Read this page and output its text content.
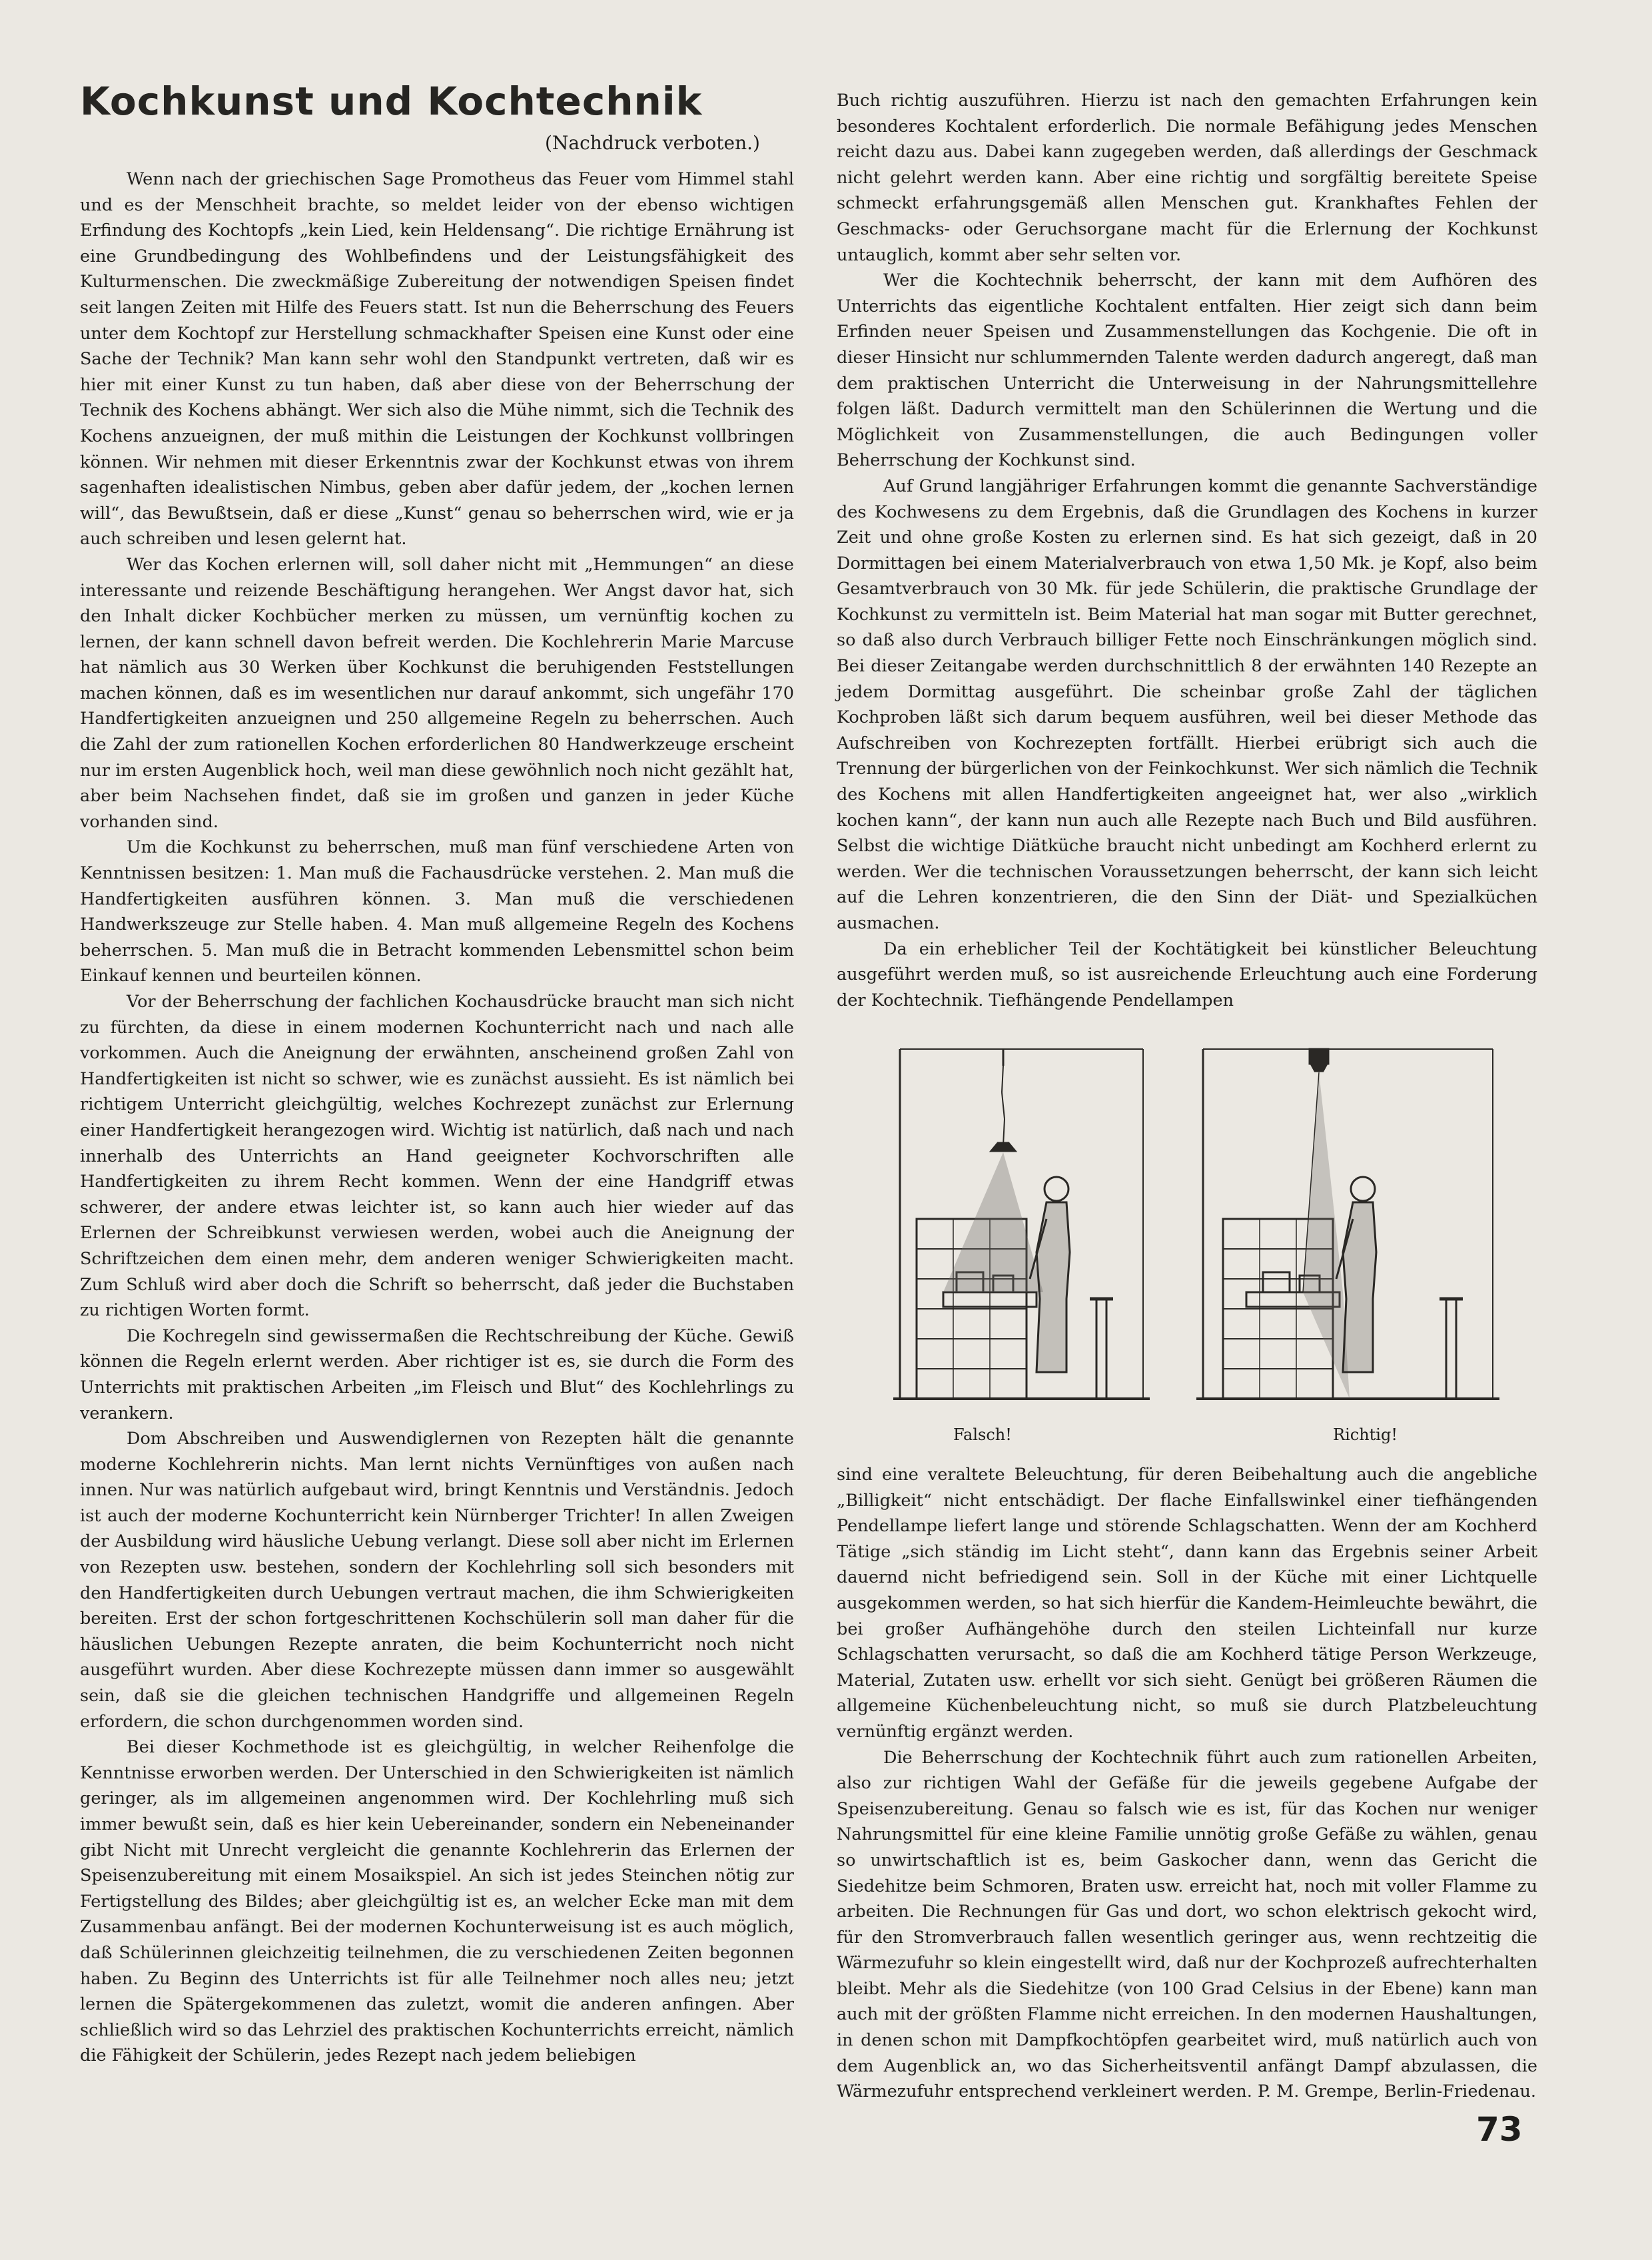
Kochkunst und Kochtechnik

(Nachdruck verboten.)

Wenn nach der griechischen Sage Promotheus das Feuer vom Himmel stahl und es der Menschheit brachte, so meldet leider von der ebenso wichtigen Erfindung des Kochtopfs „kein Lied, kein Heldensang“. Die richtige Ernährung ist eine Grundbedingung des Wohlbefindens und der Leistungsfähigkeit des Kulturmenschen. Die zweckmäßige Zubereitung der notwendigen Speisen findet seit langen Zeiten mit Hilfe des Feuers statt. Ist nun die Beherrschung des Feuers unter dem Kochtopf zur Herstellung schmackhafter Speisen eine Kunst oder eine Sache der Technik? Man kann sehr wohl den Standpunkt vertreten, daß wir es hier mit einer Kunst zu tun haben, daß aber diese von der Beherrschung der Technik des Kochens abhängt. Wer sich also die Mühe nimmt, sich die Technik des Kochens anzueignen, der muß mithin die Leistungen der Kochkunst vollbringen können. Wir nehmen mit dieser Erkenntnis zwar der Kochkunst etwas von ihrem sagenhaften idealistischen Nimbus, geben aber dafür jedem, der „kochen lernen will“, das Bewußtsein, daß er diese „Kunst“ genau so beherrschen wird, wie er ja auch schreiben und lesen gelernt hat.

Wer das Kochen erlernen will, soll daher nicht mit „Hemmungen“ an diese interessante und reizende Beschäftigung herangehen. Wer Angst davor hat, sich den Inhalt dicker Kochbücher merken zu müssen, um vernünftig kochen zu lernen, der kann schnell davon befreit werden. Die Kochlehrerin Marie Marcuse hat nämlich aus 30 Werken über Kochkunst die beruhigenden Feststellungen machen können, daß es im wesentlichen nur darauf ankommt, sich ungefähr 170 Handfertigkeiten anzueignen und 250 allgemeine Regeln zu beherrschen. Auch die Zahl der zum rationellen Kochen erforderlichen 80 Handwerkzeuge erscheint nur im ersten Augenblick hoch, weil man diese gewöhnlich noch nicht gezählt hat, aber beim Nachsehen findet, daß sie im großen und ganzen in jeder Küche vorhanden sind.

Um die Kochkunst zu beherrschen, muß man fünf verschiedene Arten von Kenntnissen besitzen: 1. Man muß die Fachausdrücke verstehen. 2. Man muß die Handfertigkeiten ausführen können. 3. Man muß die verschiedenen Handwerkszeuge zur Stelle haben. 4. Man muß allgemeine Regeln des Kochens beherrschen. 5. Man muß die in Betracht kommenden Lebensmittel schon beim Einkauf kennen und beurteilen können.

Vor der Beherrschung der fachlichen Kochausdrücke braucht man sich nicht zu fürchten, da diese in einem modernen Kochunterricht nach und nach alle vorkommen. Auch die Aneignung der erwähnten, anscheinend großen Zahl von Handfertigkeiten ist nicht so schwer, wie es zunächst aussieht. Es ist nämlich bei richtigem Unterricht gleichgültig, welches Kochrezept zunächst zur Erlernung einer Handfertigkeit herangezogen wird. Wichtig ist natürlich, daß nach und nach innerhalb des Unterrichts an Hand geeigneter Kochvorschriften alle Handfertigkeiten zu ihrem Recht kommen. Wenn der eine Handgriff etwas schwerer, der andere etwas leichter ist, so kann auch hier wieder auf das Erlernen der Schreibkunst verwiesen werden, wobei auch die Aneignung der Schriftzeichen dem einen mehr, dem anderen weniger Schwierigkeiten macht. Zum Schluß wird aber doch die Schrift so beherrscht, daß jeder die Buchstaben zu richtigen Worten formt.

Die Kochregeln sind gewissermaßen die Rechtschreibung der Küche. Gewiß können die Regeln erlernt werden. Aber richtiger ist es, sie durch die Form des Unterrichts mit praktischen Arbeiten „im Fleisch und Blut“ des Kochlehrlings zu verankern.

Dom Abschreiben und Auswendiglernen von Rezepten hält die genannte moderne Kochlehrerin nichts. Man lernt nichts Vernünftiges von außen nach innen. Nur was natürlich aufgebaut wird, bringt Kenntnis und Verständnis. Jedoch ist auch der moderne Kochunterricht kein Nürnberger Trichter! In allen Zweigen der Ausbildung wird häusliche Uebung verlangt. Diese soll aber nicht im Erlernen von Rezepten usw. bestehen, sondern der Kochlehrling soll sich besonders mit den Handfertigkeiten durch Uebungen vertraut machen, die ihm Schwierigkeiten bereiten. Erst der schon fortgeschrittenen Kochschülerin soll man daher für die häuslichen Uebungen Rezepte anraten, die beim Kochunterricht noch nicht ausgeführt wurden. Aber diese Kochrezepte müssen dann immer so ausgewählt sein, daß sie die gleichen technischen Handgriffe und allgemeinen Regeln erfordern, die schon durchgenommen worden sind.

Bei dieser Kochmethode ist es gleichgültig, in welcher Reihenfolge die Kenntnisse erworben werden. Der Unterschied in den Schwierigkeiten ist nämlich geringer, als im allgemeinen angenommen wird. Der Kochlehrling muß sich immer bewußt sein, daß es hier kein Uebereinander, sondern ein Nebeneinander gibt Nicht mit Unrecht vergleicht die genannte Kochlehrerin das Erlernen der Speisenzubereitung mit einem Mosaikspiel. An sich ist jedes Steinchen nötig zur Fertigstellung des Bildes; aber gleichgültig ist es, an welcher Ecke man mit dem Zusammenbau anfängt. Bei der modernen Kochunterweisung ist es auch möglich, daß Schülerinnen gleichzeitig teilnehmen, die zu verschiedenen Zeiten begonnen haben. Zu Beginn des Unterrichts ist für alle Teilnehmer noch alles neu; jetzt lernen die Spätergekommenen das zuletzt, womit die anderen anfingen. Aber schließlich wird so das Lehrziel des praktischen Kochunterrichts erreicht, nämlich die Fähigkeit der Schülerin, jedes Rezept nach jedem beliebigen

Buch richtig auszuführen. Hierzu ist nach den gemachten Erfahrungen kein besonderes Kochtalent erforderlich. Die normale Befähigung jedes Menschen reicht dazu aus. Dabei kann zugegeben werden, daß allerdings der Geschmack nicht gelehrt werden kann. Aber eine richtig und sorgfältig bereitete Speise schmeckt erfahrungsgemäß allen Menschen gut. Krankhaftes Fehlen der Geschmacks- oder Geruchsorgane macht für die Erlernung der Kochkunst untauglich, kommt aber sehr selten vor.

Wer die Kochtechnik beherrscht, der kann mit dem Aufhören des Unterrichts das eigentliche Kochtalent entfalten. Hier zeigt sich dann beim Erfinden neuer Speisen und Zusammenstellungen das Kochgenie. Die oft in dieser Hinsicht nur schlummernden Talente werden dadurch angeregt, daß man dem praktischen Unterricht die Unterweisung in der Nahrungsmittellehre folgen läßt. Dadurch vermittelt man den Schülerinnen die Wertung und die Möglichkeit von Zusammenstellungen, die auch Bedingungen voller Beherrschung der Kochkunst sind.

Auf Grund langjähriger Erfahrungen kommt die genannte Sachverständige des Kochwesens zu dem Ergebnis, daß die Grundlagen des Kochens in kurzer Zeit und ohne große Kosten zu erlernen sind. Es hat sich gezeigt, daß in 20 Dormittagen bei einem Materialverbrauch von etwa 1,50 Mk. je Kopf, also beim Gesamtverbrauch von 30 Mk. für jede Schülerin, die praktische Grundlage der Kochkunst zu vermitteln ist. Beim Material hat man sogar mit Butter gerechnet, so daß also durch Verbrauch billiger Fette noch Einschränkungen möglich sind. Bei dieser Zeitangabe werden durchschnittlich 8 der erwähnten 140 Rezepte an jedem Dormittag ausgeführt. Die scheinbar große Zahl der täglichen Kochproben läßt sich darum bequem ausführen, weil bei dieser Methode das Aufschreiben von Kochrezepten fortfällt. Hierbei erübrigt sich auch die Trennung der bürgerlichen von der Feinkochkunst. Wer sich nämlich die Technik des Kochens mit allen Handfertigkeiten angeeignet hat, wer also „wirklich kochen kann“, der kann nun auch alle Rezepte nach Buch und Bild ausführen. Selbst die wichtige Diätküche braucht nicht unbedingt am Kochherd erlernt zu werden. Wer die technischen Voraussetzungen beherrscht, der kann sich leicht auf die Lehren konzentrieren, die den Sinn der Diät- und Spezialküchen ausmachen.

Da ein erheblicher Teil der Kochtätigkeit bei künstlicher Beleuchtung ausgeführt werden muß, so ist ausreichende Erleuchtung auch eine Forderung der Kochtechnik. Tiefhängende Pendellampen

Falsch!	Richtig!

sind eine veraltete Beleuchtung, für deren Beibehaltung auch die angebliche „Billigkeit“ nicht entschädigt. Der flache Einfallswinkel einer tiefhängenden Pendellampe liefert lange und störende Schlagschatten. Wenn der am Kochherd Tätige „sich ständig im Licht steht“, dann kann das Ergebnis seiner Arbeit dauernd nicht befriedigend sein. Soll in der Küche mit einer Lichtquelle ausgekommen werden, so hat sich hierfür die Kandem-Heimleuchte bewährt, die bei großer Aufhängehöhe durch den steilen Lichteinfall nur kurze Schlagschatten verursacht, so daß die am Kochherd tätige Person Werkzeuge, Material, Zutaten usw. erhellt vor sich sieht. Genügt bei größeren Räumen die allgemeine Küchenbeleuchtung nicht, so muß sie durch Platzbeleuchtung vernünftig ergänzt werden.

Die Beherrschung der Kochtechnik führt auch zum rationellen Arbeiten, also zur richtigen Wahl der Gefäße für die jeweils gegebene Aufgabe der Speisenzubereitung. Genau so falsch wie es ist, für das Kochen nur weniger Nahrungsmittel für eine kleine Familie unnötig große Gefäße zu wählen, genau so unwirtschaftlich ist es, beim Gaskocher dann, wenn das Gericht die Siedehitze beim Schmoren, Braten usw. erreicht hat, noch mit voller Flamme zu arbeiten. Die Rechnungen für Gas und dort, wo schon elektrisch gekocht wird, für den Stromverbrauch fallen wesentlich geringer aus, wenn rechtzeitig die Wärmezufuhr so klein eingestellt wird, daß nur der Kochprozeß aufrechterhalten bleibt. Mehr als die Siedehitze (von 100 Grad Celsius in der Ebene) kann man auch mit der größten Flamme nicht erreichen. In den modernen Haushaltungen, in denen schon mit Dampfkochtöpfen gearbeitet wird, muß natürlich auch von dem Augenblick an, wo das Sicherheitsventil anfängt Dampf abzulassen, die Wärmezufuhr entsprechend verkleinert werden. P. M. Grempe, Berlin-Friedenau.

73
